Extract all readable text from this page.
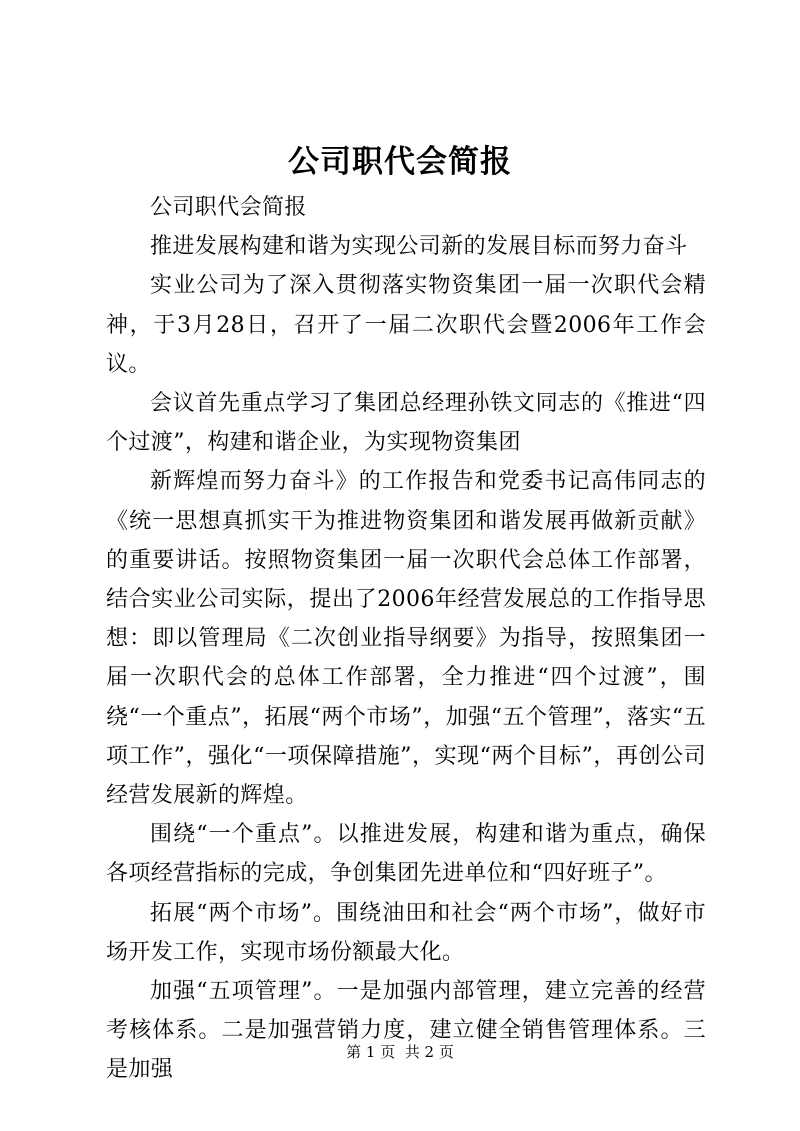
公司职代会简报

公司职代会简报

推进发展构建和谐为实现公司新的发展目标而努力奋斗

实业公司为了深入贯彻落实物资集团一届一次职代会精神，于3月28日，召开了一届二次职代会暨2006年工作会议。

会议首先重点学习了集团总经理孙铁文同志的《推进“四个过渡”，构建和谐企业，为实现物资集团

新辉煌而努力奋斗》的工作报告和党委书记高伟同志的《统一思想真抓实干为推进物资集团和谐发展再做新贡献》的重要讲话。按照物资集团一届一次职代会总体工作部署，结合实业公司实际，提出了2006年经营发展总的工作指导思想：即以管理局《二次创业指导纲要》为指导，按照集团一届一次职代会的总体工作部署，全力推进“四个过渡”，围绕“一个重点”，拓展“两个市场”，加强“五个管理”，落实“五项工作”，强化“一项保障措施”，实现“两个目标”，再创公司经营发展新的辉煌。

围绕“一个重点”。以推进发展，构建和谐为重点，确保各项经营指标的完成，争创集团先进单位和“四好班子”。

拓展“两个市场”。围绕油田和社会“两个市场”，做好市场开发工作，实现市场份额最大化。

加强“五项管理”。一是加强内部管理，建立完善的经营考核体系。二是加强营销力度，建立健全销售管理体系。三是加强

第 1 页 共 2 页
